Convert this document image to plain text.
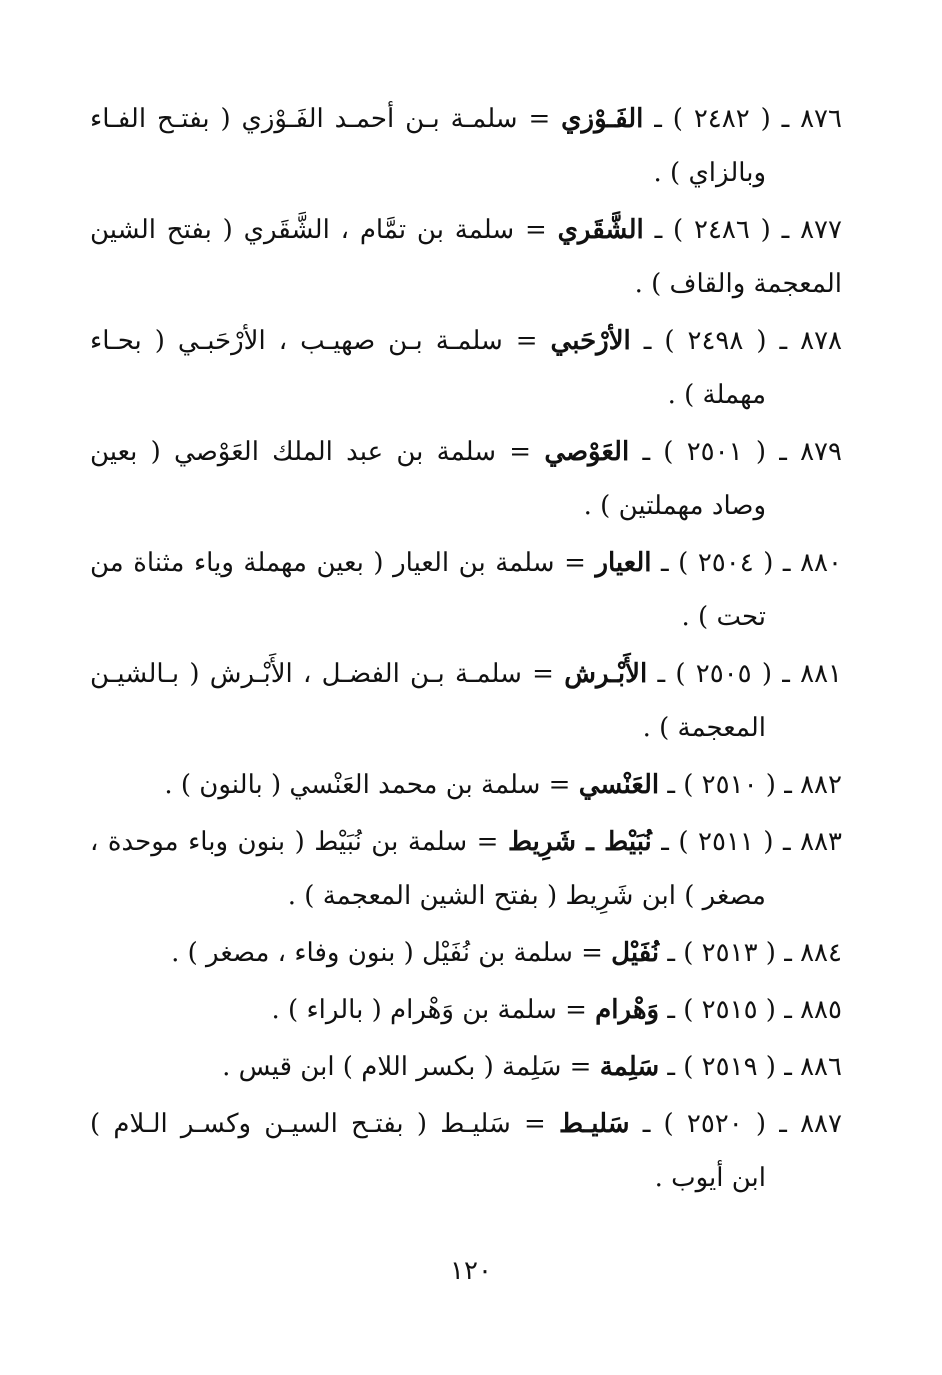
٨٧٦ ـ ( ٢٤٨٢ ) ـ الفَـوْزي = سلمـة بـن أحمـد الفَـوْزي ( بفتـح الفـاء
وبالزاي ) .
٨٧٧ ـ ( ٢٤٨٦ ) ـ الشَّقَري = سلمة بن تمَّام ، الشَّقَري ( بفتح الشين
المعجمة والقاف ) .
٨٧٨ ـ ( ٢٤٩٨ ) ـ الأرْحَبي = سلمـة بـن صهيـب ، الأرْحَبـي ( بحـاء
مهملة ) .
٨٧٩ ـ ( ٢٥٠١ ) ـ العَوْصي = سلمة بن عبد الملك العَوْصي ( بعين
وصاد مهملتين ) .
٨٨٠ ـ ( ٢٥٠٤ ) ـ العيار = سلمة بن العيار ( بعين مهملة وياء مثناة من
تحت ) .
٨٨١ ـ ( ٢٥٠٥ ) ـ الأَبْـرش = سلمـة بـن الفضـل ، الأَبْـرش ( بـالشيـن
المعجمة ) .
٨٨٢ ـ ( ٢٥١٠ ) ـ العَنْسي = سلمة بن محمد العَنْسي ( بالنون ) .
٨٨٣ ـ ( ٢٥١١ ) ـ نُبَيْط ـ شَرِيط = سلمة بن نُبَيْط ( بنون وباء موحدة ،
مصغر ) ابن شَرِيط ( بفتح الشين المعجمة ) .
٨٨٤ ـ ( ٢٥١٣ ) ـ نُفَيْل = سلمة بن نُفَيْل ( بنون وفاء ، مصغر ) .
٨٨٥ ـ ( ٢٥١٥ ) ـ وَهْرام = سلمة بن وَهْرام ( بالراء ) .
٨٨٦ ـ ( ٢٥١٩ ) ـ سَلِمة = سَلِمة ( بكسر اللام ) ابن قيس .
٨٨٧ ـ ( ٢٥٢٠ ) ـ سَليـط = سَليـط ( بفتـح السيـن وكسـر الـلام )
ابن أيوب .
١٢٠
